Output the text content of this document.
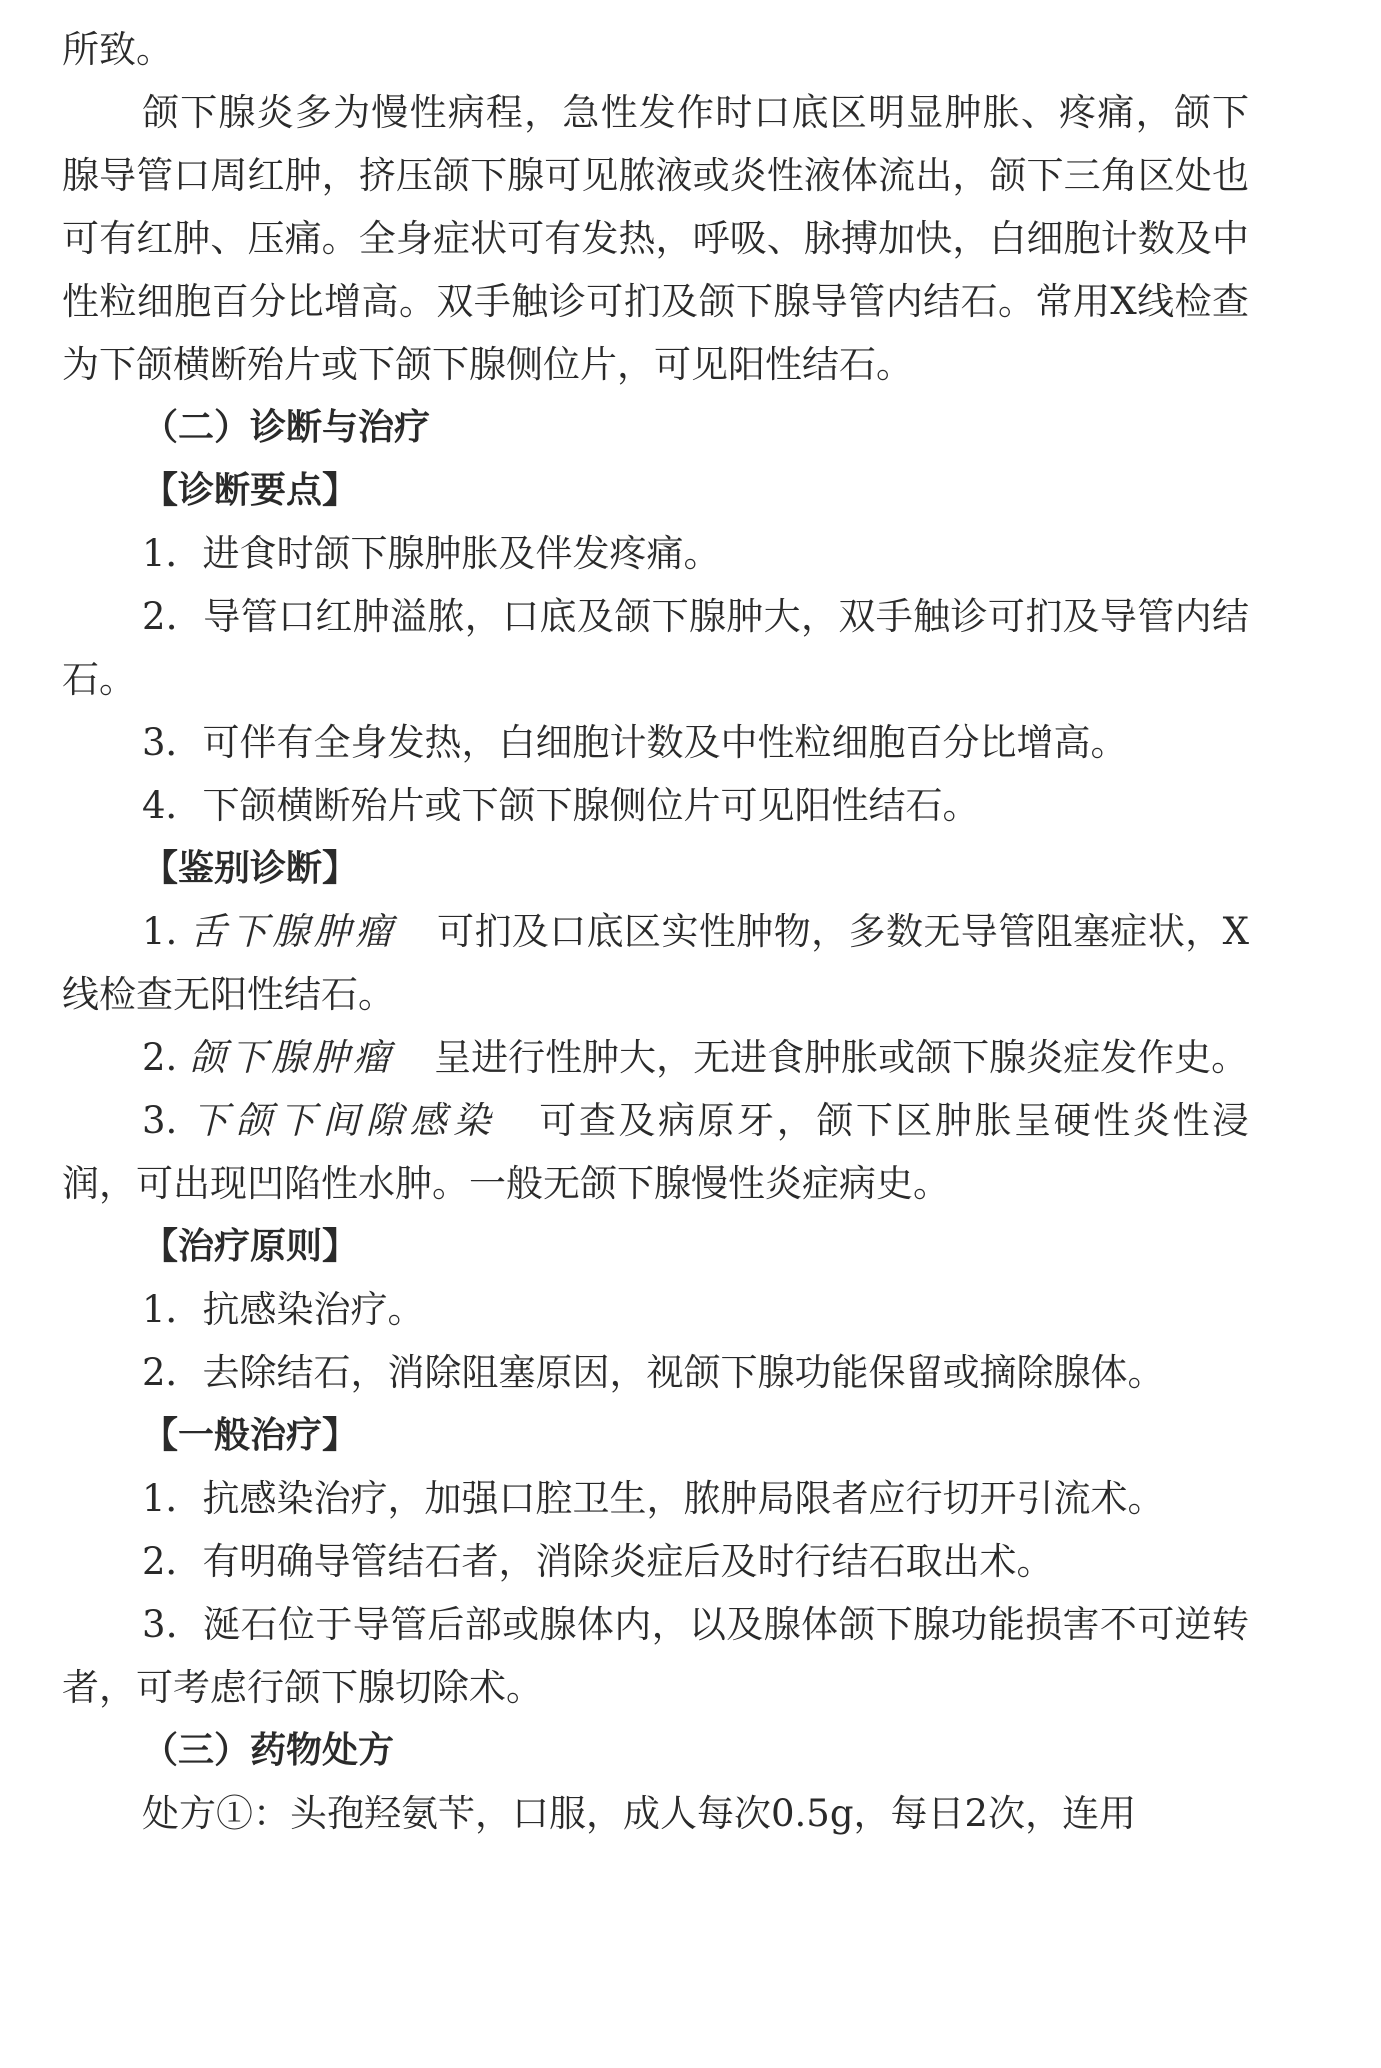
所致。

颌下腺炎多为慢性病程，急性发作时口底区明显肿胀、疼痛，颌下腺导管口周红肿，挤压颌下腺可见脓液或炎性液体流出，颌下三角区处也可有红肿、压痛。全身症状可有发热，呼吸、脉搏加快，白细胞计数及中性粒细胞百分比增高。双手触诊可扪及颌下腺导管内结石。常用X线检查为下颌横断殆片或下颌下腺侧位片，可见阳性结石。

（二）诊断与治疗

【诊断要点】

1．进食时颌下腺肿胀及伴发疼痛。

2．导管口红肿溢脓，口底及颌下腺肿大，双手触诊可扪及导管内结石。

3．可伴有全身发热，白细胞计数及中性粒细胞百分比增高。

4．下颌横断殆片或下颌下腺侧位片可见阳性结石。

【鉴别诊断】

1. 舌下腺肿瘤 可扪及口底区实性肿物，多数无导管阻塞症状，X线检查无阳性结石。

2. 颌下腺肿瘤 呈进行性肿大，无进食肿胀或颌下腺炎症发作史。

3. 下颌下间隙感染 可查及病原牙，颌下区肿胀呈硬性炎性浸润，可出现凹陷性水肿。一般无颌下腺慢性炎症病史。

【治疗原则】

1．抗感染治疗。

2．去除结石，消除阻塞原因，视颌下腺功能保留或摘除腺体。

【一般治疗】

1．抗感染治疗，加强口腔卫生，脓肿局限者应行切开引流术。

2．有明确导管结石者，消除炎症后及时行结石取出术。

3．涎石位于导管后部或腺体内，以及腺体颌下腺功能损害不可逆转者，可考虑行颌下腺切除术。

（三）药物处方

处方①：头孢羟氨苄，口服，成人每次0.5g，每日2次，连用
